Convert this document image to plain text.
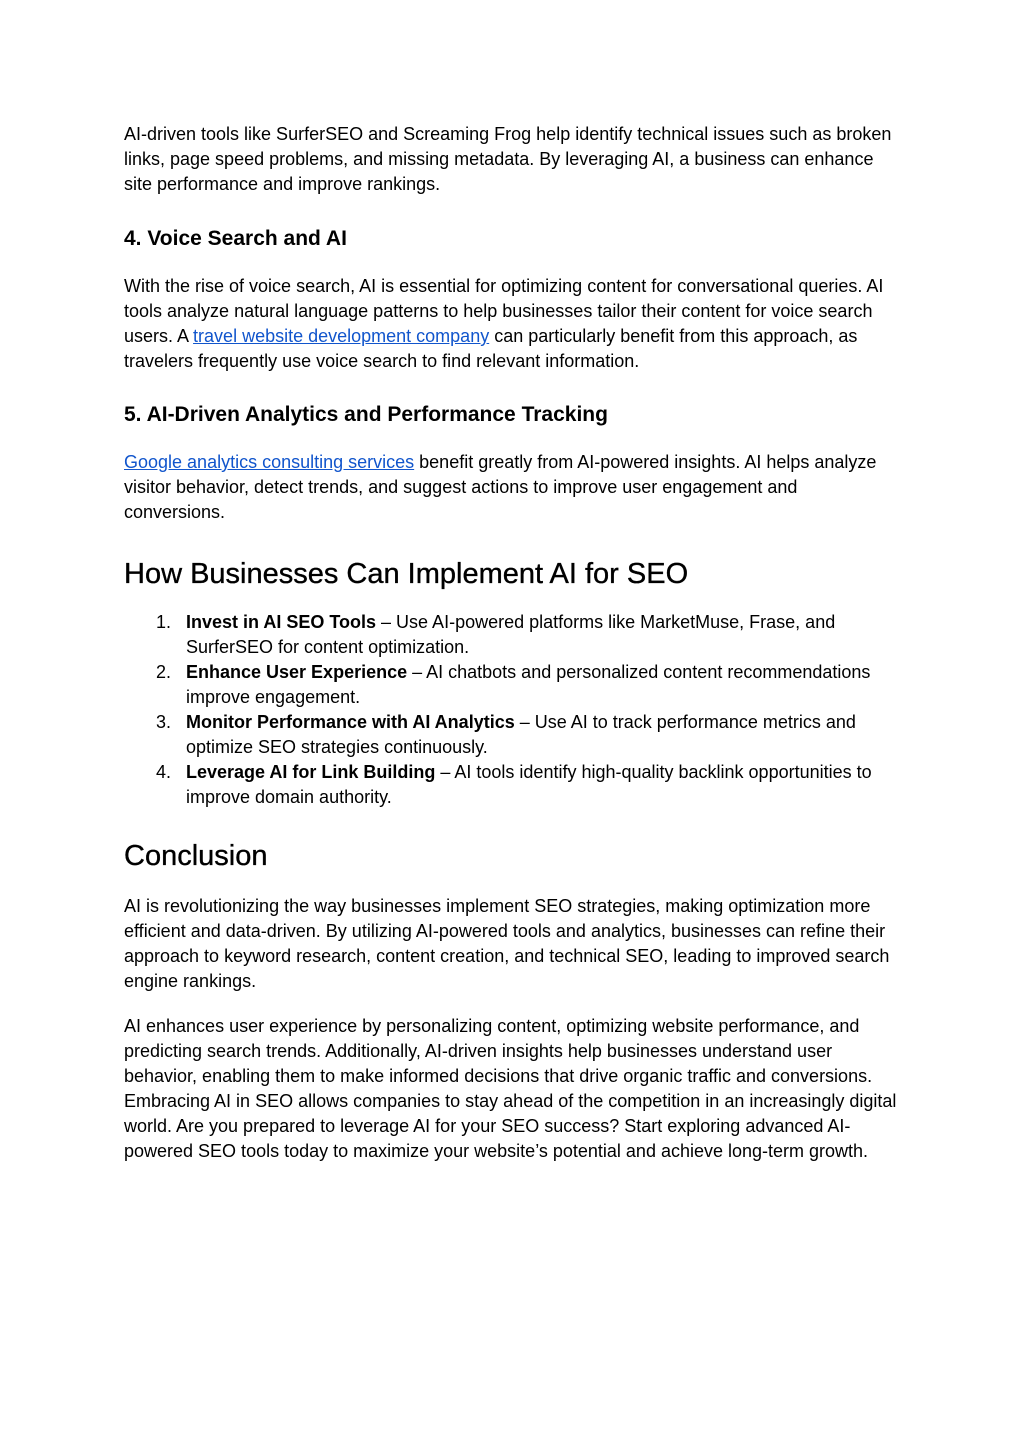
AI-driven tools like SurferSEO and Screaming Frog help identify technical issues such as broken links, page speed problems, and missing metadata. By leveraging AI, a business can enhance site performance and improve rankings.

4. Voice Search and AI

With the rise of voice search, AI is essential for optimizing content for conversational queries. AI tools analyze natural language patterns to help businesses tailor their content for voice search users. A travel website development company can particularly benefit from this approach, as travelers frequently use voice search to find relevant information.

5. AI-Driven Analytics and Performance Tracking

Google analytics consulting services benefit greatly from AI-powered insights. AI helps analyze visitor behavior, detect trends, and suggest actions to improve user engagement and conversions.

How Businesses Can Implement AI for SEO
1. Invest in AI SEO Tools – Use AI-powered platforms like MarketMuse, Frase, and SurferSEO for content optimization.
2. Enhance User Experience – AI chatbots and personalized content recommendations improve engagement.
3. Monitor Performance with AI Analytics – Use AI to track performance metrics and optimize SEO strategies continuously.
4. Leverage AI for Link Building – AI tools identify high-quality backlink opportunities to improve domain authority.
Conclusion

AI is revolutionizing the way businesses implement SEO strategies, making optimization more efficient and data-driven. By utilizing AI-powered tools and analytics, businesses can refine their approach to keyword research, content creation, and technical SEO, leading to improved search engine rankings.

AI enhances user experience by personalizing content, optimizing website performance, and predicting search trends. Additionally, AI-driven insights help businesses understand user behavior, enabling them to make informed decisions that drive organic traffic and conversions. Embracing AI in SEO allows companies to stay ahead of the competition in an increasingly digital world. Are you prepared to leverage AI for your SEO success? Start exploring advanced AI-powered SEO tools today to maximize your website’s potential and achieve long-term growth.
